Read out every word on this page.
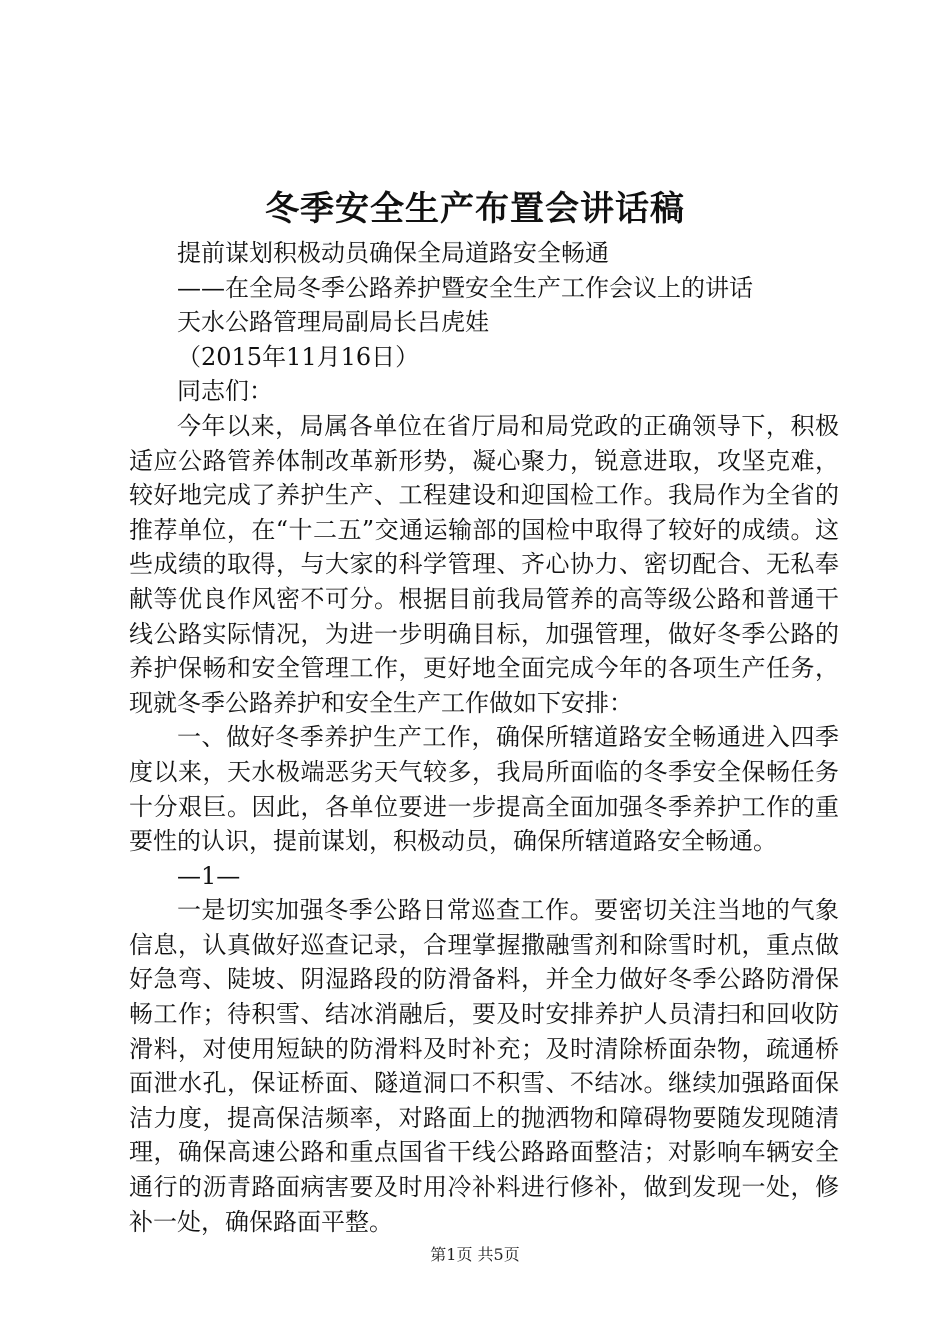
冬季安全生产布置会讲话稿
提前谋划积极动员确保全局道路安全畅通
——在全局冬季公路养护暨安全生产工作会议上的讲话
天水公路管理局副局长吕虎娃
（2015年11月16日）
同志们：

今年以来，局属各单位在省厅局和局党政的正确领导下，积极适应公路管养体制改革新形势，凝心聚力，锐意进取，攻坚克难，较好地完成了养护生产、工程建设和迎国检工作。我局作为全省的推荐单位，在“十二五”交通运输部的国检中取得了较好的成绩。这些成绩的取得，与大家的科学管理、齐心协力、密切配合、无私奉献等优良作风密不可分。根据目前我局管养的高等级公路和普通干线公路实际情况，为进一步明确目标，加强管理，做好冬季公路的养护保畅和安全管理工作，更好地全面完成今年的各项生产任务，现就冬季公路养护和安全生产工作做如下安排：

一、做好冬季养护生产工作，确保所辖道路安全畅通进入四季度以来，天水极端恶劣天气较多，我局所面临的冬季安全保畅任务十分艰巨。因此，各单位要进一步提高全面加强冬季养护工作的重要性的认识，提前谋划，积极动员，确保所辖道路安全畅通。

—1—

一是切实加强冬季公路日常巡查工作。要密切关注当地的气象信息，认真做好巡查记录，合理掌握撒融雪剂和除雪时机，重点做好急弯、陡坡、阴湿路段的防滑备料，并全力做好冬季公路防滑保畅工作；待积雪、结冰消融后，要及时安排养护人员清扫和回收防滑料，对使用短缺的防滑料及时补充；及时清除桥面杂物，疏通桥面泄水孔，保证桥面、隧道洞口不积雪、不结冰。继续加强路面保洁力度，提高保洁频率，对路面上的抛洒物和障碍物要随发现随清理，确保高速公路和重点国省干线公路路面整洁；对影响车辆安全通行的沥青路面病害要及时用冷补料进行修补，做到发现一处，修补一处，确保路面平整。

第1页 共5页
